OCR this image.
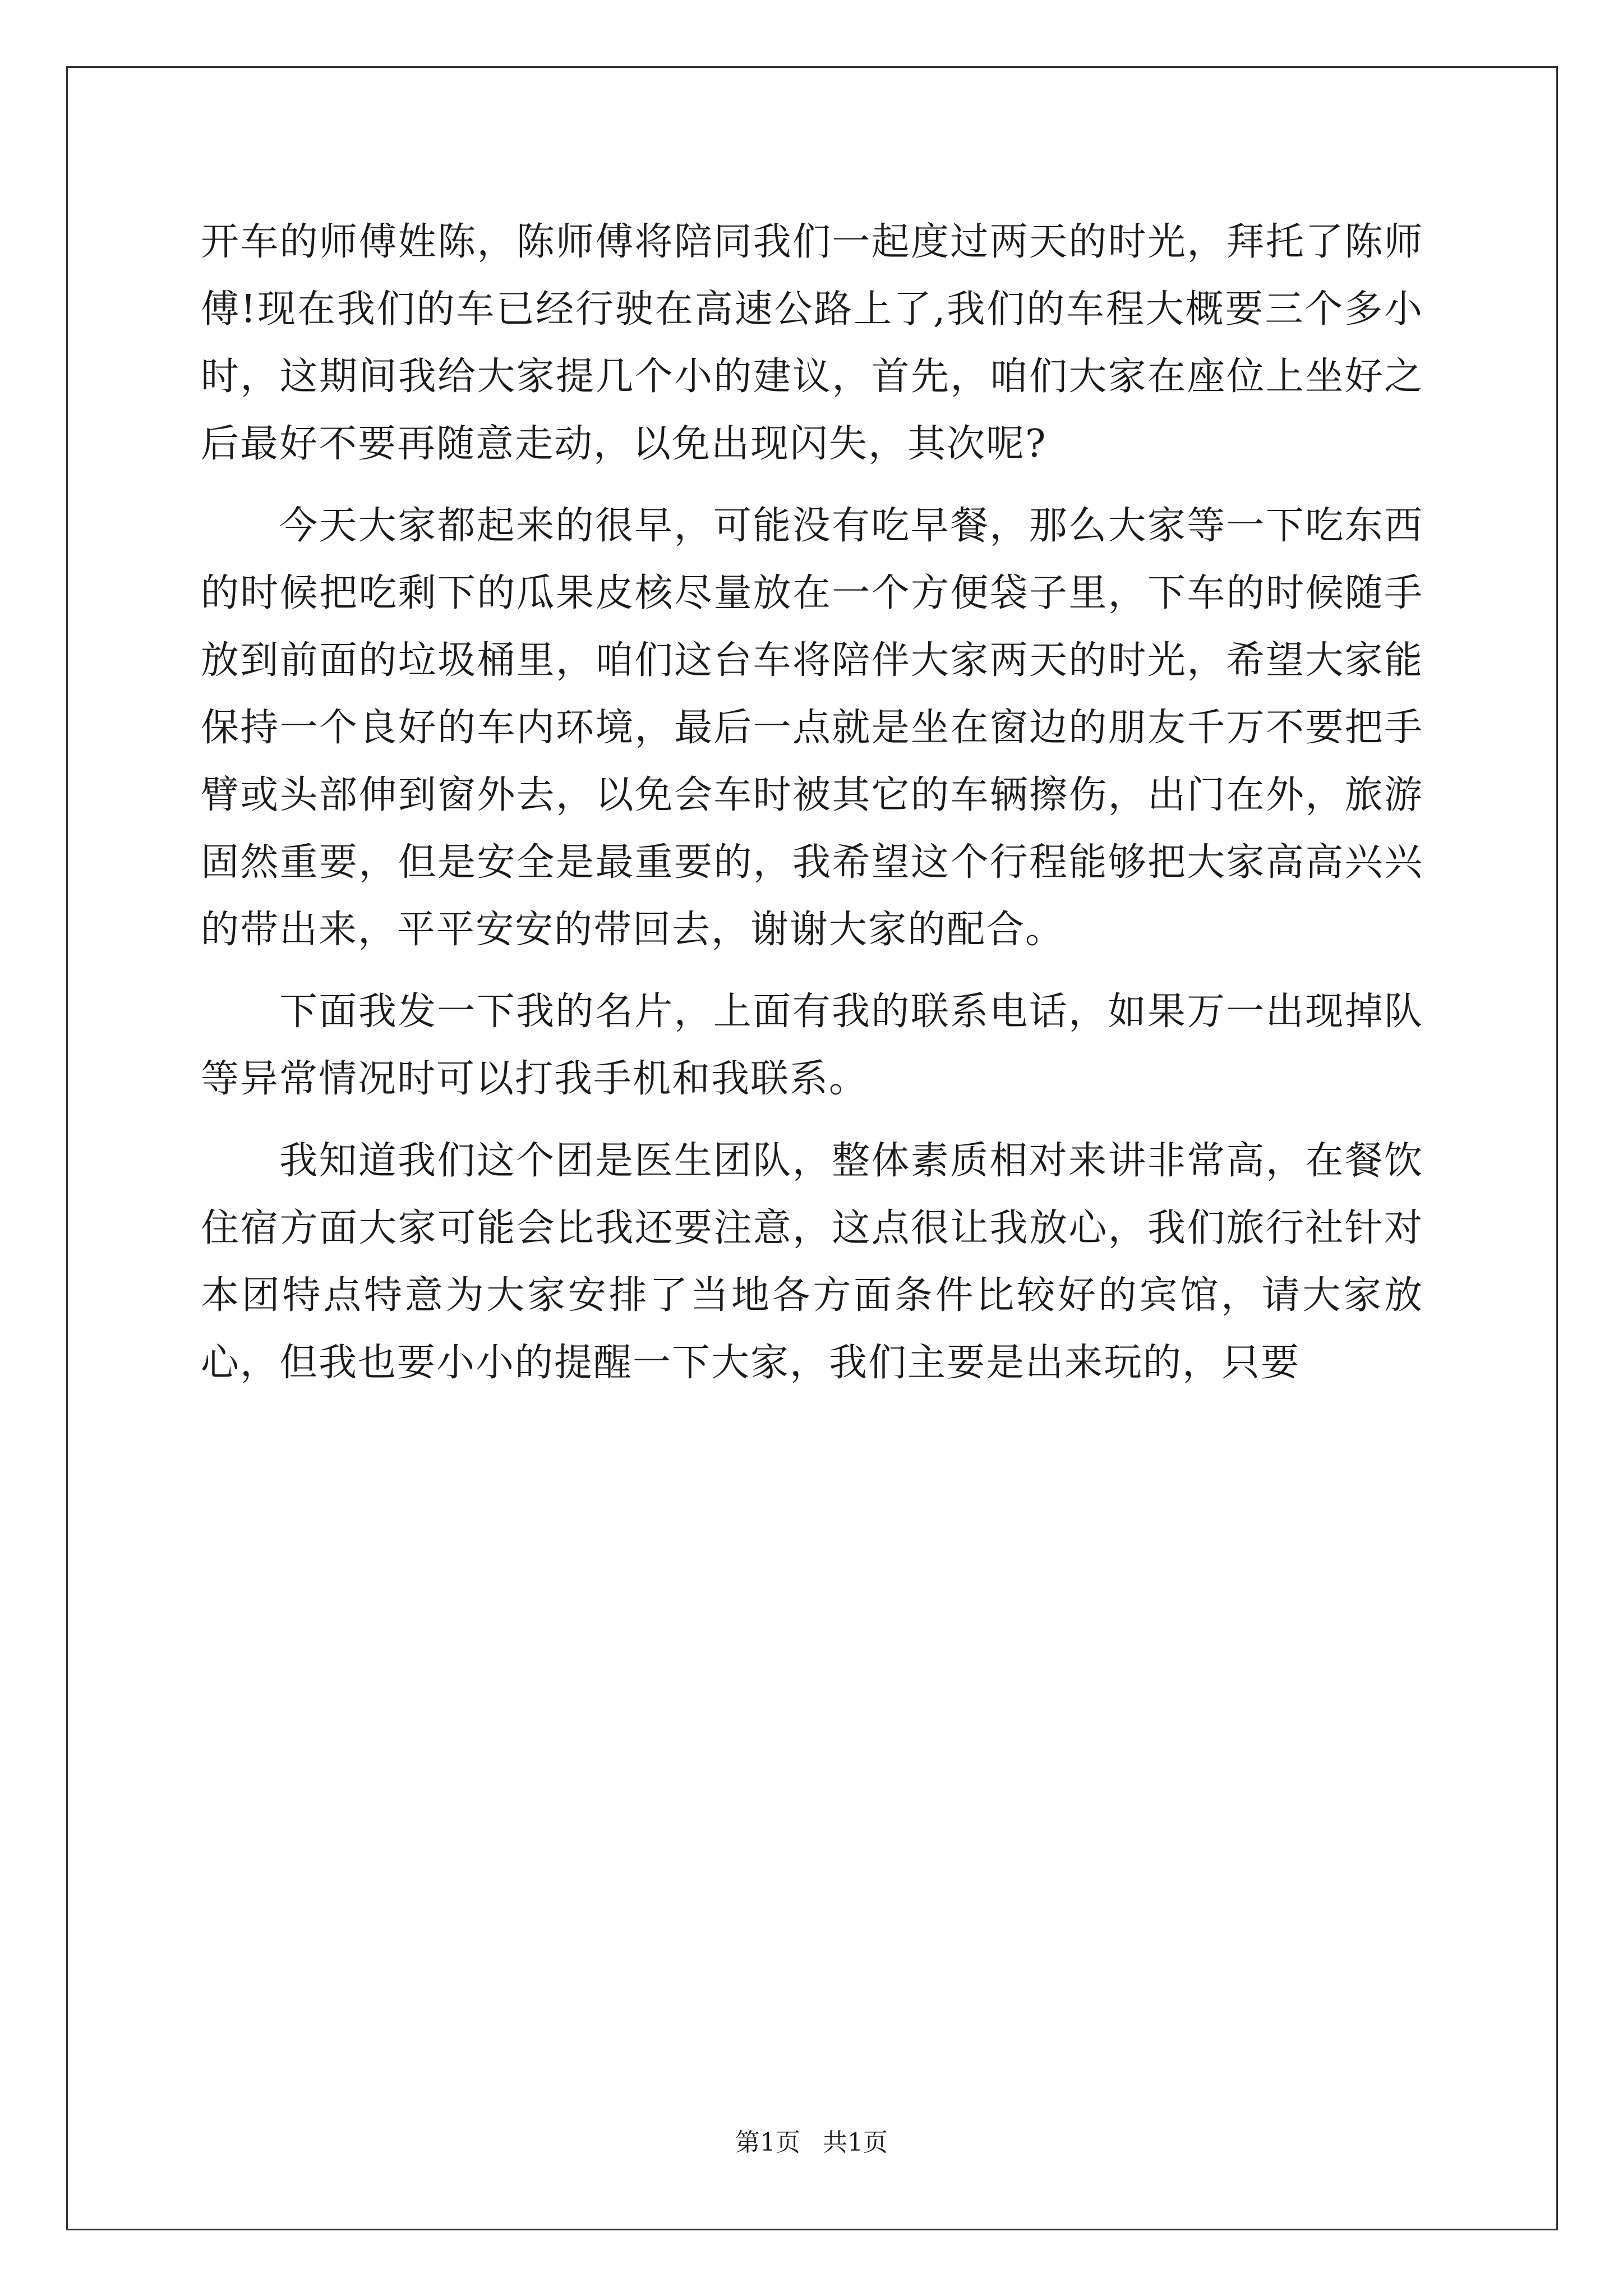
开车的师傅姓陈，陈师傅将陪同我们一起度过两天的时光，拜托了陈师傅!现在我们的车已经行驶在高速公路上了,我们的车程大概要三个多小时，这期间我给大家提几个小的建议，首先，咱们大家在座位上坐好之后最好不要再随意走动，以免出现闪失，其次呢?

今天大家都起来的很早，可能没有吃早餐，那么大家等一下吃东西的时候把吃剩下的瓜果皮核尽量放在一个方便袋子里，下车的时候随手放到前面的垃圾桶里，咱们这台车将陪伴大家两天的时光，希望大家能保持一个良好的车内环境，最后一点就是坐在窗边的朋友千万不要把手臂或头部伸到窗外去，以免会车时被其它的车辆擦伤，出门在外，旅游固然重要，但是安全是最重要的，我希望这个行程能够把大家高高兴兴的带出来，平平安安的带回去，谢谢大家的配合。

下面我发一下我的名片，上面有我的联系电话，如果万一出现掉队等异常情况时可以打我手机和我联系。

我知道我们这个团是医生团队，整体素质相对来讲非常高，在餐饮住宿方面大家可能会比我还要注意，这点很让我放心，我们旅行社针对本团特点特意为大家安排了当地各方面条件比较好的宾馆，请大家放心，但我也要小小的提醒一下大家，我们主要是出来玩的，只要

第1页 共1页
